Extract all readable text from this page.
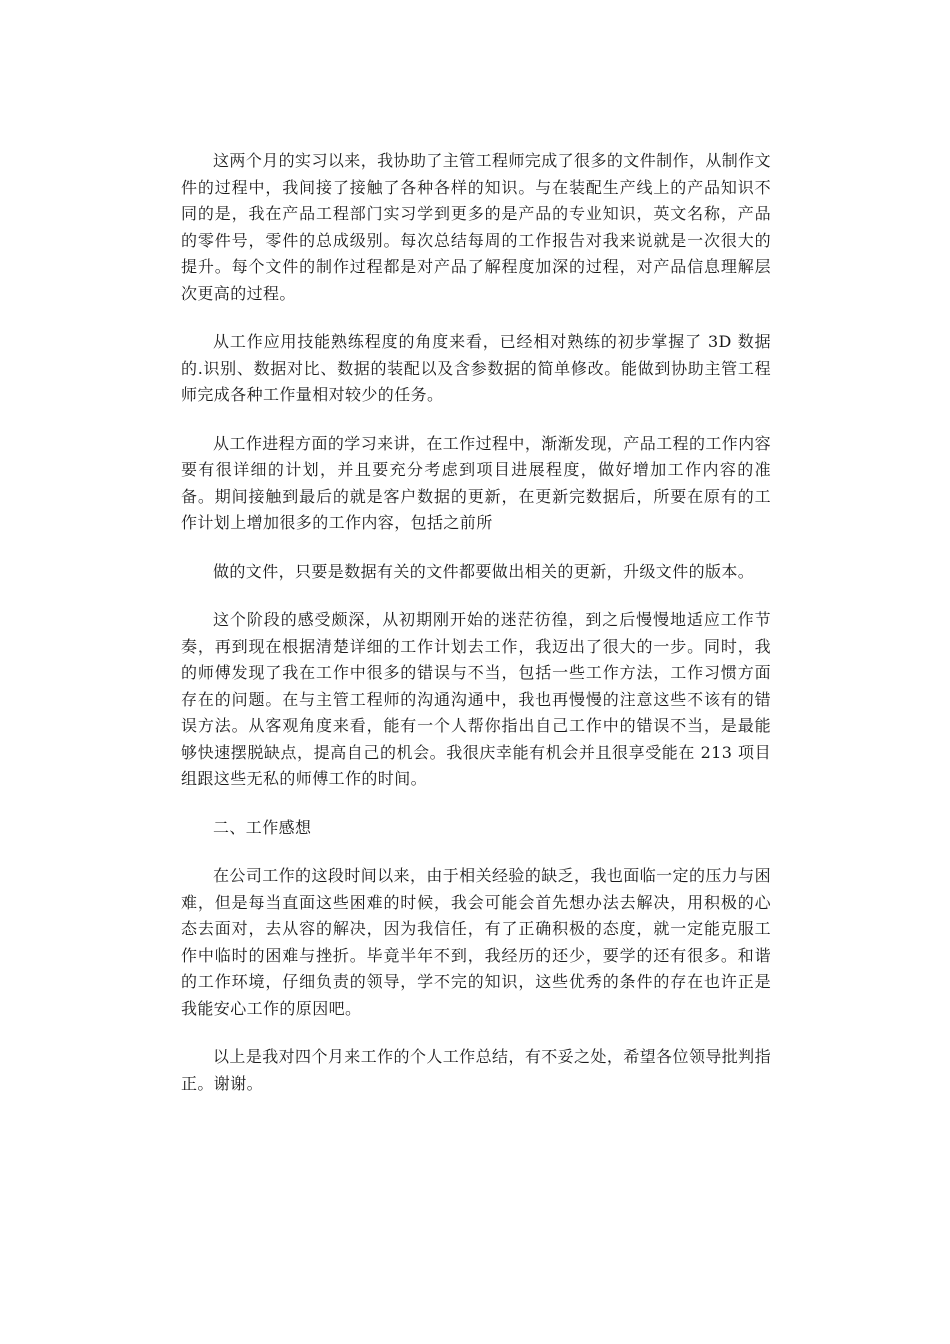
这两个月的实习以来，我协助了主管工程师完成了很多的文件制作，从制作文件的过程中，我间接了接触了各种各样的知识。与在装配生产线上的产品知识不同的是，我在产品工程部门实习学到更多的是产品的专业知识，英文名称，产品的零件号，零件的总成级别。每次总结每周的工作报告对我来说就是一次很大的提升。每个文件的制作过程都是对产品了解程度加深的过程，对产品信息理解层次更高的过程。

从工作应用技能熟练程度的角度来看，已经相对熟练的初步掌握了 3D 数据的.识别、数据对比、数据的装配以及含参数据的简单修改。能做到协助主管工程师完成各种工作量相对较少的任务。

从工作进程方面的学习来讲，在工作过程中，渐渐发现，产品工程的工作内容要有很详细的计划，并且要充分考虑到项目进展程度，做好增加工作内容的准备。期间接触到最后的就是客户数据的更新，在更新完数据后，所要在原有的工作计划上增加很多的工作内容，包括之前所

做的文件，只要是数据有关的文件都要做出相关的更新，升级文件的版本。

这个阶段的感受颇深，从初期刚开始的迷茫彷徨，到之后慢慢地适应工作节奏，再到现在根据清楚详细的工作计划去工作，我迈出了很大的一步。同时，我的师傅发现了我在工作中很多的错误与不当，包括一些工作方法，工作习惯方面存在的问题。在与主管工程师的沟通沟通中，我也再慢慢的注意这些不该有的错误方法。从客观角度来看，能有一个人帮你指出自己工作中的错误不当，是最能够快速摆脱缺点，提高自己的机会。我很庆幸能有机会并且很享受能在 213 项目组跟这些无私的师傅工作的时间。

二、工作感想

在公司工作的这段时间以来，由于相关经验的缺乏，我也面临一定的压力与困难，但是每当直面这些困难的时候，我会可能会首先想办法去解决，用积极的心态去面对，去从容的解决，因为我信任，有了正确积极的态度，就一定能克服工作中临时的困难与挫折。毕竟半年不到，我经历的还少，要学的还有很多。和谐的工作环境，仔细负责的领导，学不完的知识，这些优秀的条件的存在也许正是我能安心工作的原因吧。

以上是我对四个月来工作的个人工作总结，有不妥之处，希望各位领导批判指正。谢谢。
